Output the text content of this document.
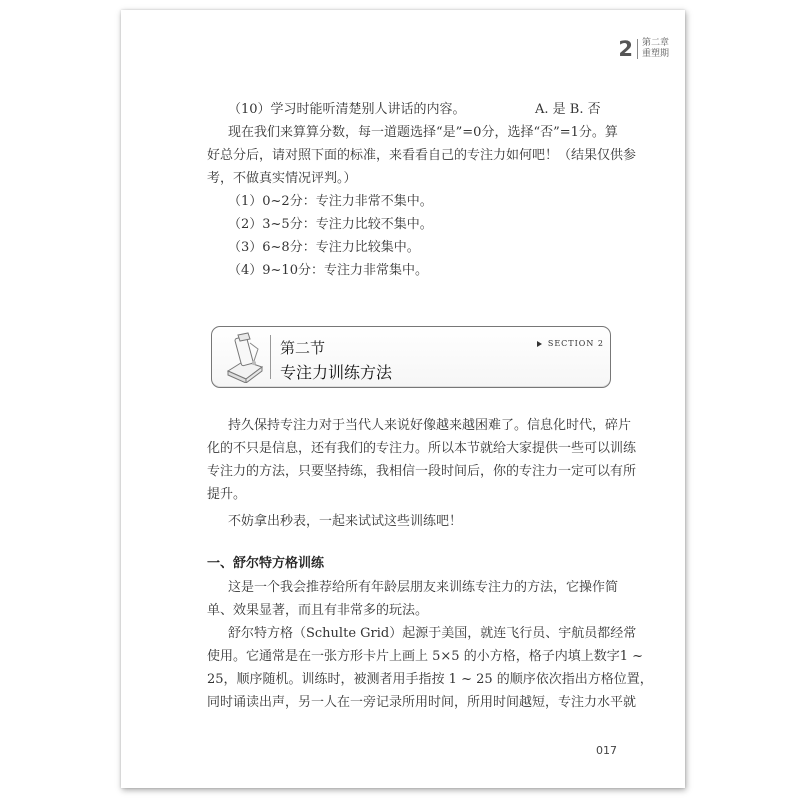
2 第二章
重塑期
（10）学习时能听清楚别人讲话的内容。	A. 是 B. 否
现在我们来算算分数，每一道题选择“是”=0分，选择“否”=1分。算
好总分后，请对照下面的标准，来看看自己的专注力如何吧！（结果仅供参
考，不做真实情况评判。）
（1）0~2分：专注力非常不集中。
（2）3~5分：专注力比较不集中。
（3）6~8分：专注力比较集中。
（4）9~10分：专注力非常集中。
第二节
专注力训练方法
SECTION 2
持久保持专注力对于当代人来说好像越来越困难了。信息化时代，碎片
化的不只是信息，还有我们的专注力。所以本节就给大家提供一些可以训练
专注力的方法，只要坚持练，我相信一段时间后，你的专注力一定可以有所
提升。
不妨拿出秒表，一起来试试这些训练吧！
一、舒尔特方格训练
这是一个我会推荐给所有年龄层朋友来训练专注力的方法，它操作简
单、效果显著，而且有非常多的玩法。
舒尔特方格（Schulte Grid）起源于美国，就连飞行员、宇航员都经常
使用。它通常是在一张方形卡片上画上 5×5 的小方格，格子内填上数字1 ~
25，顺序随机。训练时，被测者用手指按 1 ~ 25 的顺序依次指出方格位置，
同时诵读出声，另一人在一旁记录所用时间，所用时间越短，专注力水平就
017
